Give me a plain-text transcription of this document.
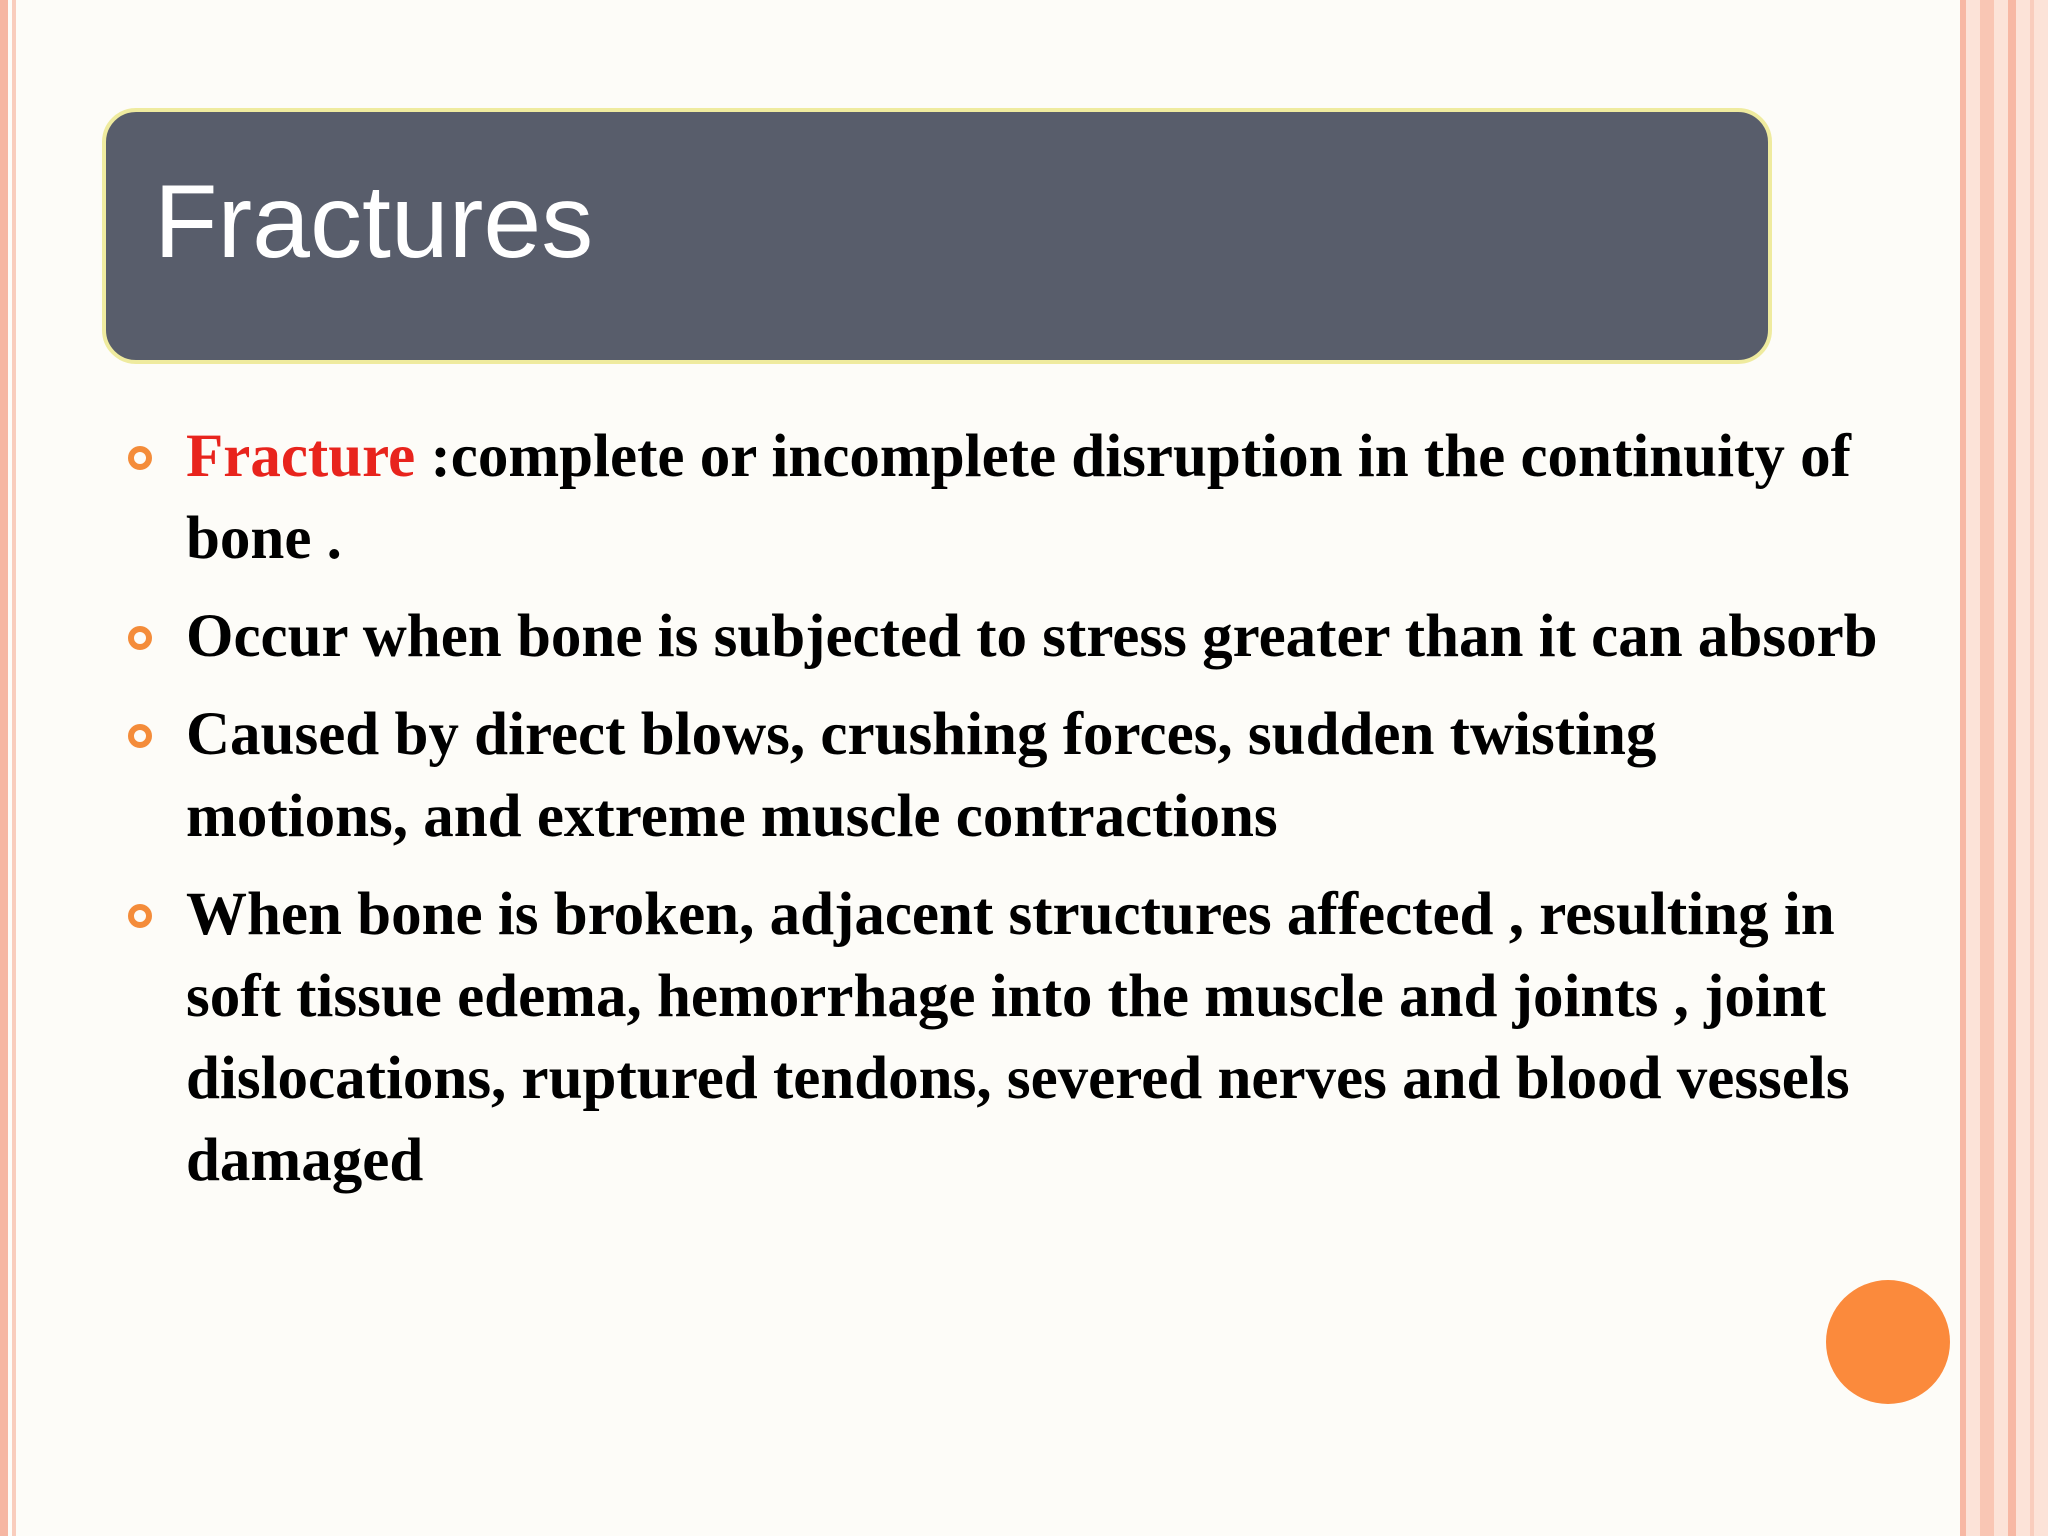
Fractures
Fracture :complete or incomplete disruption in the continuity of bone .
Occur when bone is subjected to stress greater than it can absorb
Caused by direct blows, crushing forces, sudden twisting motions, and extreme muscle contractions
When bone is broken, adjacent structures affected , resulting in soft tissue edema, hemorrhage into the muscle and joints , joint dislocations, ruptured tendons, severed nerves and blood vessels damaged
